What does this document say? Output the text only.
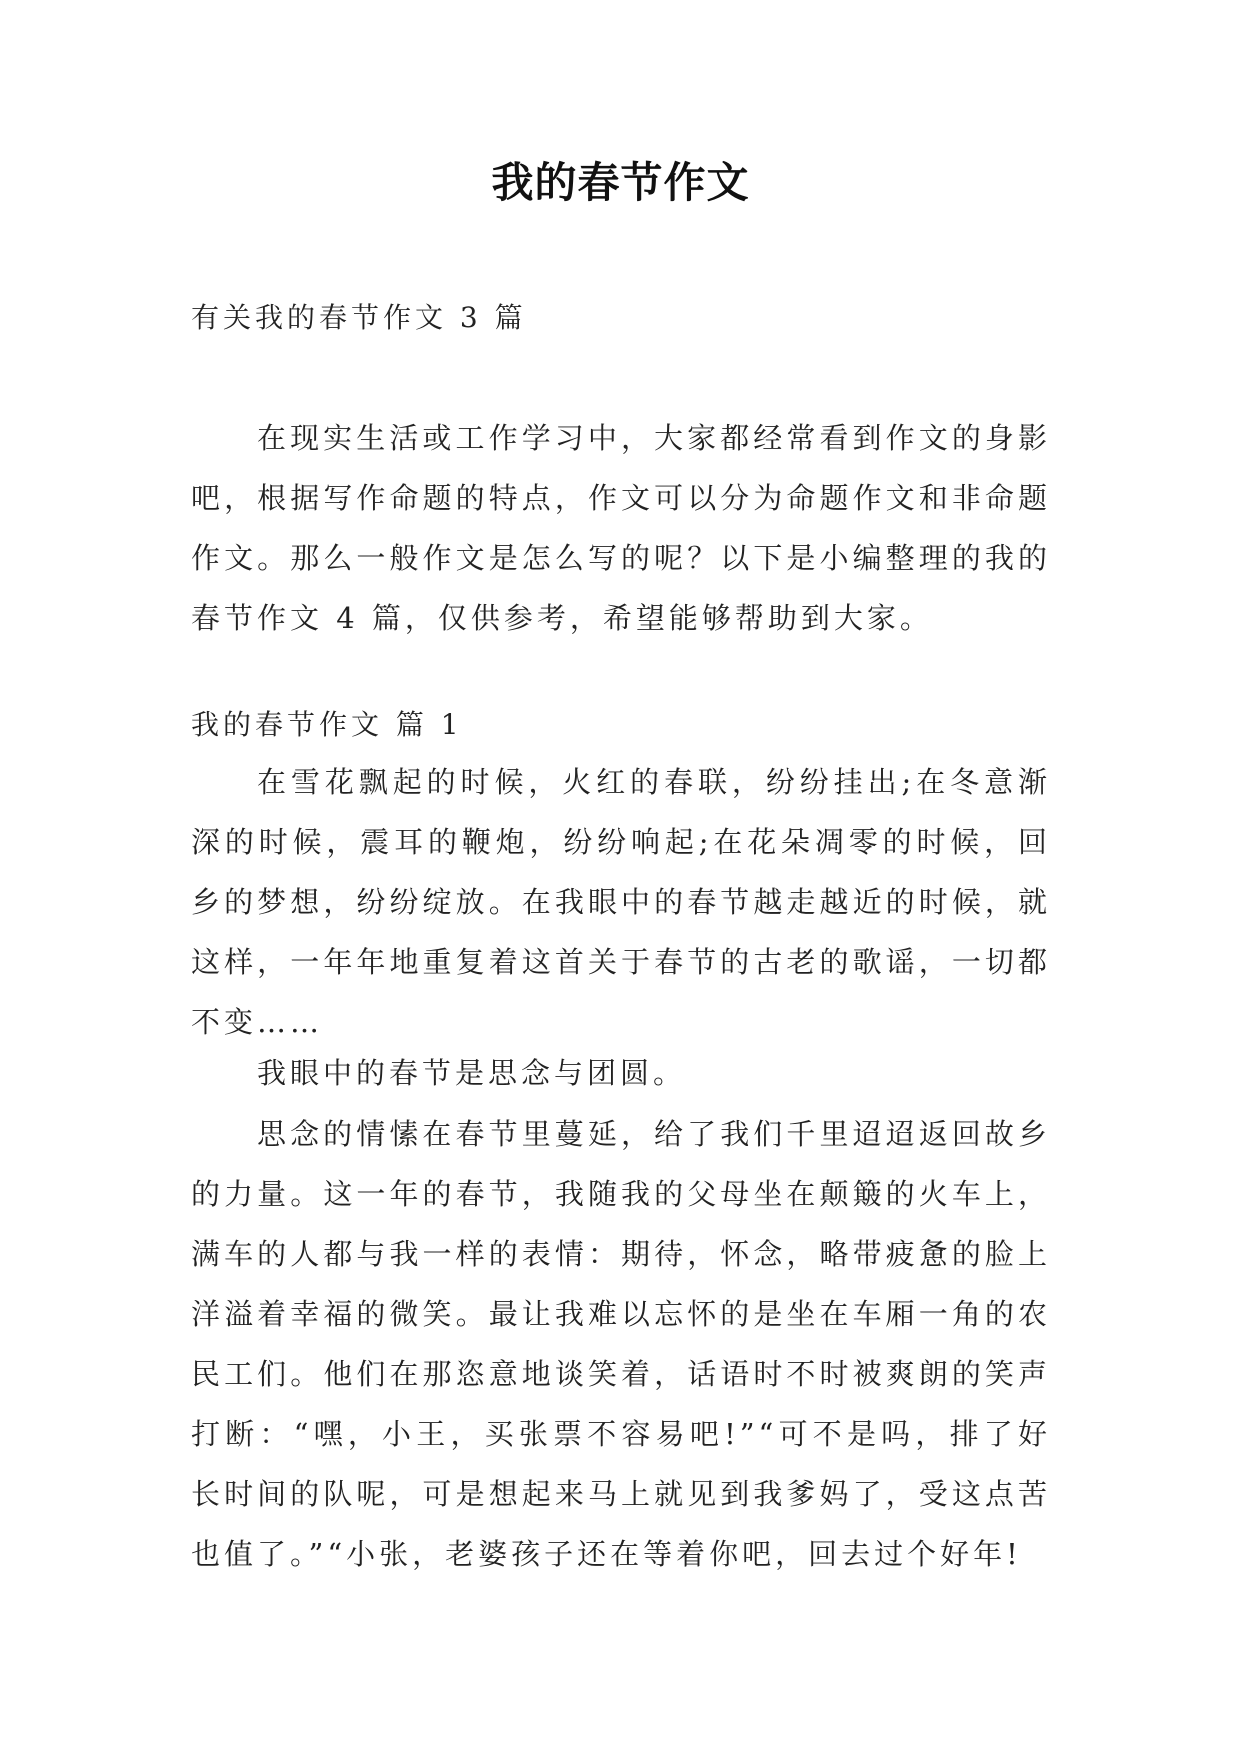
我的春节作文

有关我的春节作文 3 篇

在现实生活或工作学习中，大家都经常看到作文的身影吧，根据写作命题的特点，作文可以分为命题作文和非命题作文。那么一般作文是怎么写的呢？以下是小编整理的我的春节作文 4 篇，仅供参考，希望能够帮助到大家。

我的春节作文 篇 1

在雪花飘起的时候，火红的春联，纷纷挂出;在冬意渐深的时候，震耳的鞭炮，纷纷响起;在花朵凋零的时候，回乡的梦想，纷纷绽放。在我眼中的春节越走越近的时候，就这样，一年年地重复着这首关于春节的古老的歌谣，一切都不变……

我眼中的春节是思念与团圆。

思念的情愫在春节里蔓延，给了我们千里迢迢返回故乡的力量。这一年的春节，我随我的父母坐在颠簸的火车上，满车的人都与我一样的表情：期待，怀念，略带疲惫的脸上洋溢着幸福的微笑。最让我难以忘怀的是坐在车厢一角的农民工们。他们在那恣意地谈笑着，话语时不时被爽朗的笑声打断：“嘿，小王，买张票不容易吧!”“可不是吗，排了好长时间的队呢，可是想起来马上就见到我爹妈了，受这点苦也值了。”“小张，老婆孩子还在等着你吧，回去过个好年!
